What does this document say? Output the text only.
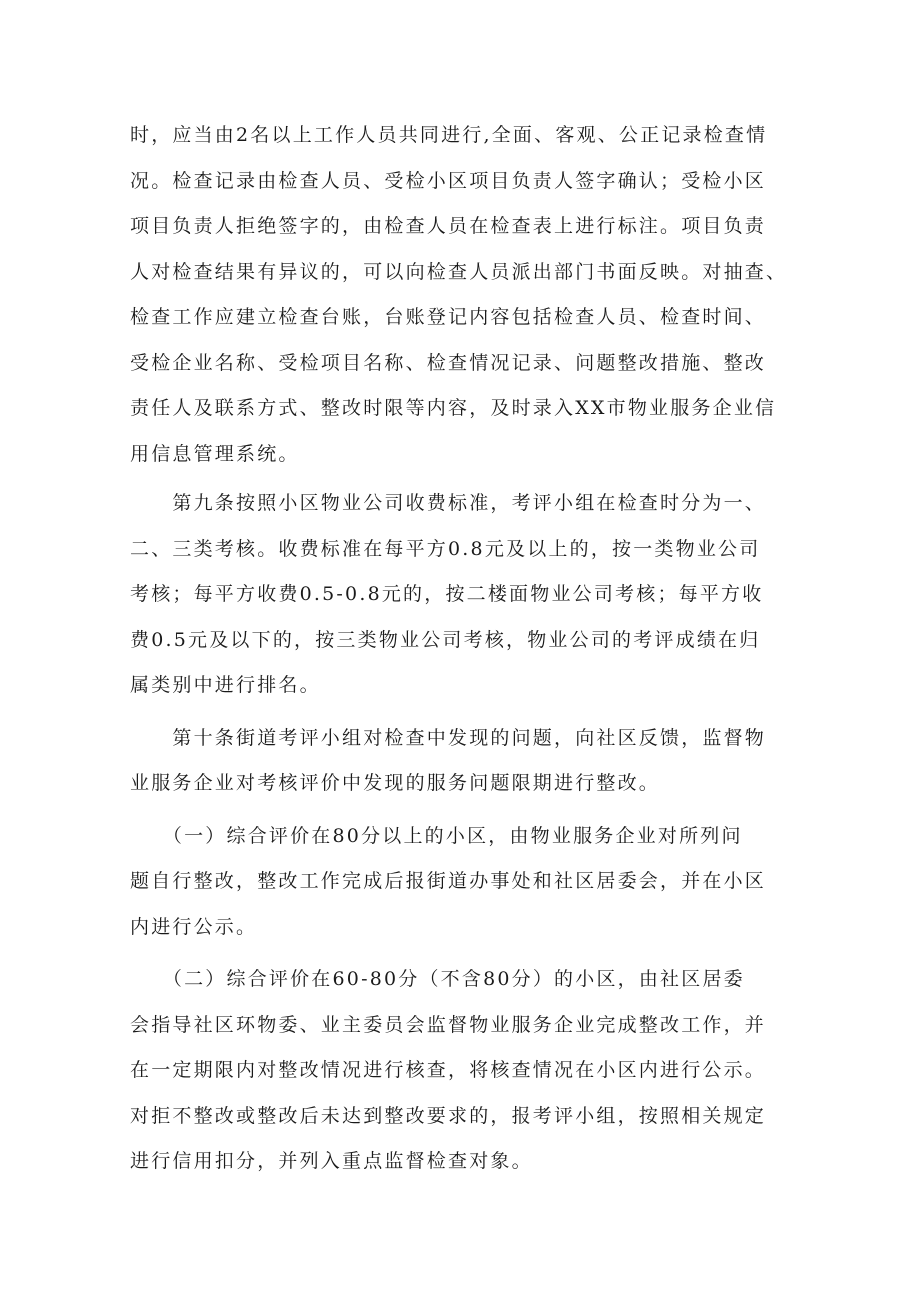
时，应当由2名以上工作人员共同进行,全面、客观、公正记录检查情
况。检查记录由检查人员、受检小区项目负责人签字确认；受检小区
项目负责人拒绝签字的，由检查人员在检查表上进行标注。项目负责
人对检查结果有异议的，可以向检查人员派出部门书面反映。对抽查、
检查工作应建立检查台账，台账登记内容包括检查人员、检查时间、
受检企业名称、受检项目名称、检查情况记录、问题整改措施、整改
责任人及联系方式、整改时限等内容，及时录入XX市物业服务企业信
用信息管理系统。
　　第九条按照小区物业公司收费标准，考评小组在检查时分为一、
二、三类考核。收费标准在每平方0.8元及以上的，按一类物业公司
考核；每平方收费0.5-0.8元的，按二楼面物业公司考核；每平方收
费0.5元及以下的，按三类物业公司考核，物业公司的考评成绩在归
属类别中进行排名。
　　第十条街道考评小组对检查中发现的问题，向社区反馈，监督物
业服务企业对考核评价中发现的服务问题限期进行整改。
　　（一）综合评价在80分以上的小区，由物业服务企业对所列问
题自行整改，整改工作完成后报街道办事处和社区居委会，并在小区
内进行公示。
　　（二）综合评价在60-80分（不含80分）的小区，由社区居委
会指导社区环物委、业主委员会监督物业服务企业完成整改工作，并
在一定期限内对整改情况进行核查，将核查情况在小区内进行公示。
对拒不整改或整改后未达到整改要求的，报考评小组，按照相关规定
进行信用扣分，并列入重点监督检查对象。
